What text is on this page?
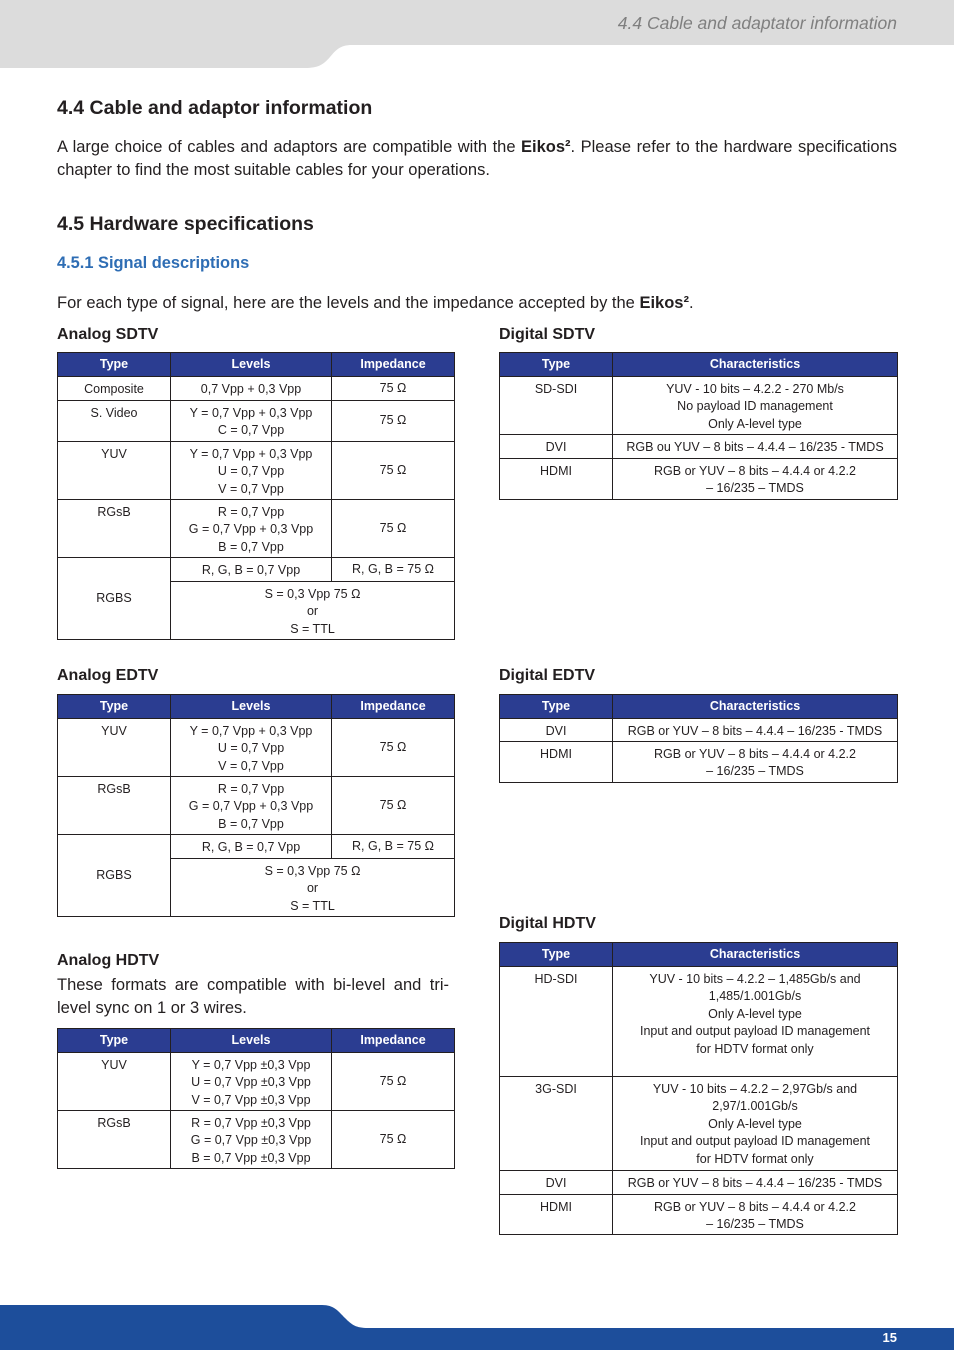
4.4 Cable and adaptator information
4.4 Cable and adaptor information

A large choice of cables and adaptors are compatible with the Eikos². Please refer to the hardware specifications chapter to find the most suitable cables for your operations.

4.5 Hardware specifications
4.5.1 Signal descriptions

For each type of signal, here are the levels and the impedance accepted by the Eikos².

Analog SDTV
Type	Levels	Impedance
Composite	0,7 Vpp + 0,3 Vpp	75 Ω
S. Video	Y = 0,7 Vpp + 0,3 Vpp
C = 0,7 Vpp	75 Ω
YUV	Y = 0,7 Vpp + 0,3 Vpp
U = 0,7 Vpp
V = 0,7 Vpp	75 Ω
RGsB	R = 0,7 Vpp
G = 0,7 Vpp + 0,3 Vpp
B = 0,7 Vpp	75 Ω
RGBS	R, G, B = 0,7 Vpp	R, G, B = 75 Ω
	S = 0,3 Vpp 75 Ω
or
S = TTL	
Digital SDTV
Type	Characteristics
SD-SDI	YUV - 10 bits – 4.2.2 - 270 Mb/s
No payload ID management
Only A-level type
DVI	RGB ou YUV – 8 bits – 4.4.4 – 16/235 - TMDS
HDMI	RGB or YUV – 8 bits – 4.4.4 or 4.2.2
– 16/235 – TMDS
Analog EDTV
Type	Levels	Impedance
YUV	Y = 0,7 Vpp + 0,3 Vpp
U = 0,7 Vpp
V = 0,7 Vpp	75 Ω
RGsB	R = 0,7 Vpp
G = 0,7 Vpp + 0,3 Vpp
B = 0,7 Vpp	75 Ω
RGBS	R, G, B = 0,7 Vpp	R, G, B = 75 Ω
	S = 0,3 Vpp 75 Ω
or
S = TTL	
Digital EDTV
Type	Characteristics
DVI	RGB or YUV – 8 bits – 4.4.4 – 16/235 - TMDS
HDMI	RGB or YUV – 8 bits – 4.4.4 or 4.2.2
– 16/235 – TMDS
Digital HDTV
Type	Characteristics
HD-SDI	YUV - 10 bits – 4.2.2 – 1,485Gb/s and
1,485/1.001Gb/s
Only A-level type
Input and output payload ID management
for HDTV format only
3G-SDI	YUV - 10 bits – 4.2.2 – 2,97Gb/s and
2,97/1.001Gb/s
Only A-level type
Input and output payload ID management
for HDTV format only
DVI	RGB or YUV – 8 bits – 4.4.4 – 16/235 - TMDS
HDMI	RGB or YUV – 8 bits – 4.4.4 or 4.2.2
– 16/235 – TMDS
Analog HDTV

These formats are compatible with bi-level and tri-level sync on 1 or 3 wires.

Type	Levels	Impedance
YUV	Y = 0,7 Vpp ±0,3 Vpp
U = 0,7 Vpp ±0,3 Vpp
V = 0,7 Vpp ±0,3 Vpp	75 Ω
RGsB	R = 0,7 Vpp ±0,3 Vpp
G = 0,7 Vpp ±0,3 Vpp
B = 0,7 Vpp ±0,3 Vpp	75 Ω
15
